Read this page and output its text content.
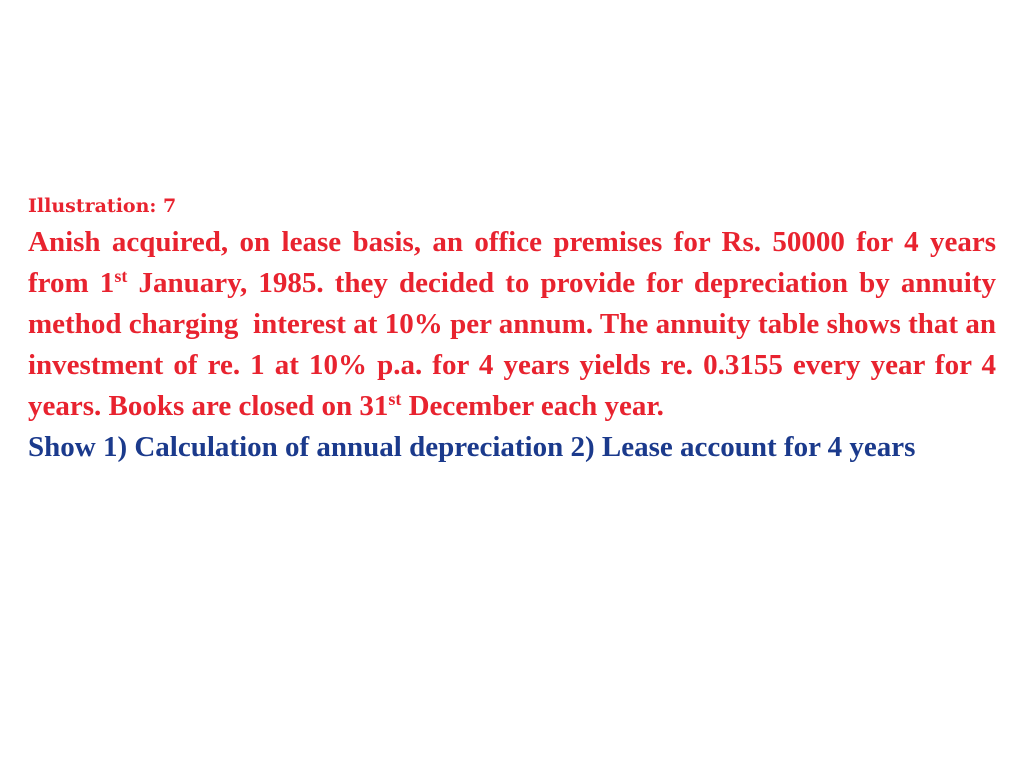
Illustration: 7

Anish acquired, on lease basis, an office premises for Rs. 50000 for 4 years from 1st January, 1985. they decided to provide for depreciation by annuity method charging  interest at 10% per annum. The annuity table shows that an investment of re. 1 at 10% p.a. for 4 years yields re. 0.3155 every year for 4 years. Books are closed on 31st December each year.

Show 1) Calculation of annual depreciation 2) Lease account for 4 years
